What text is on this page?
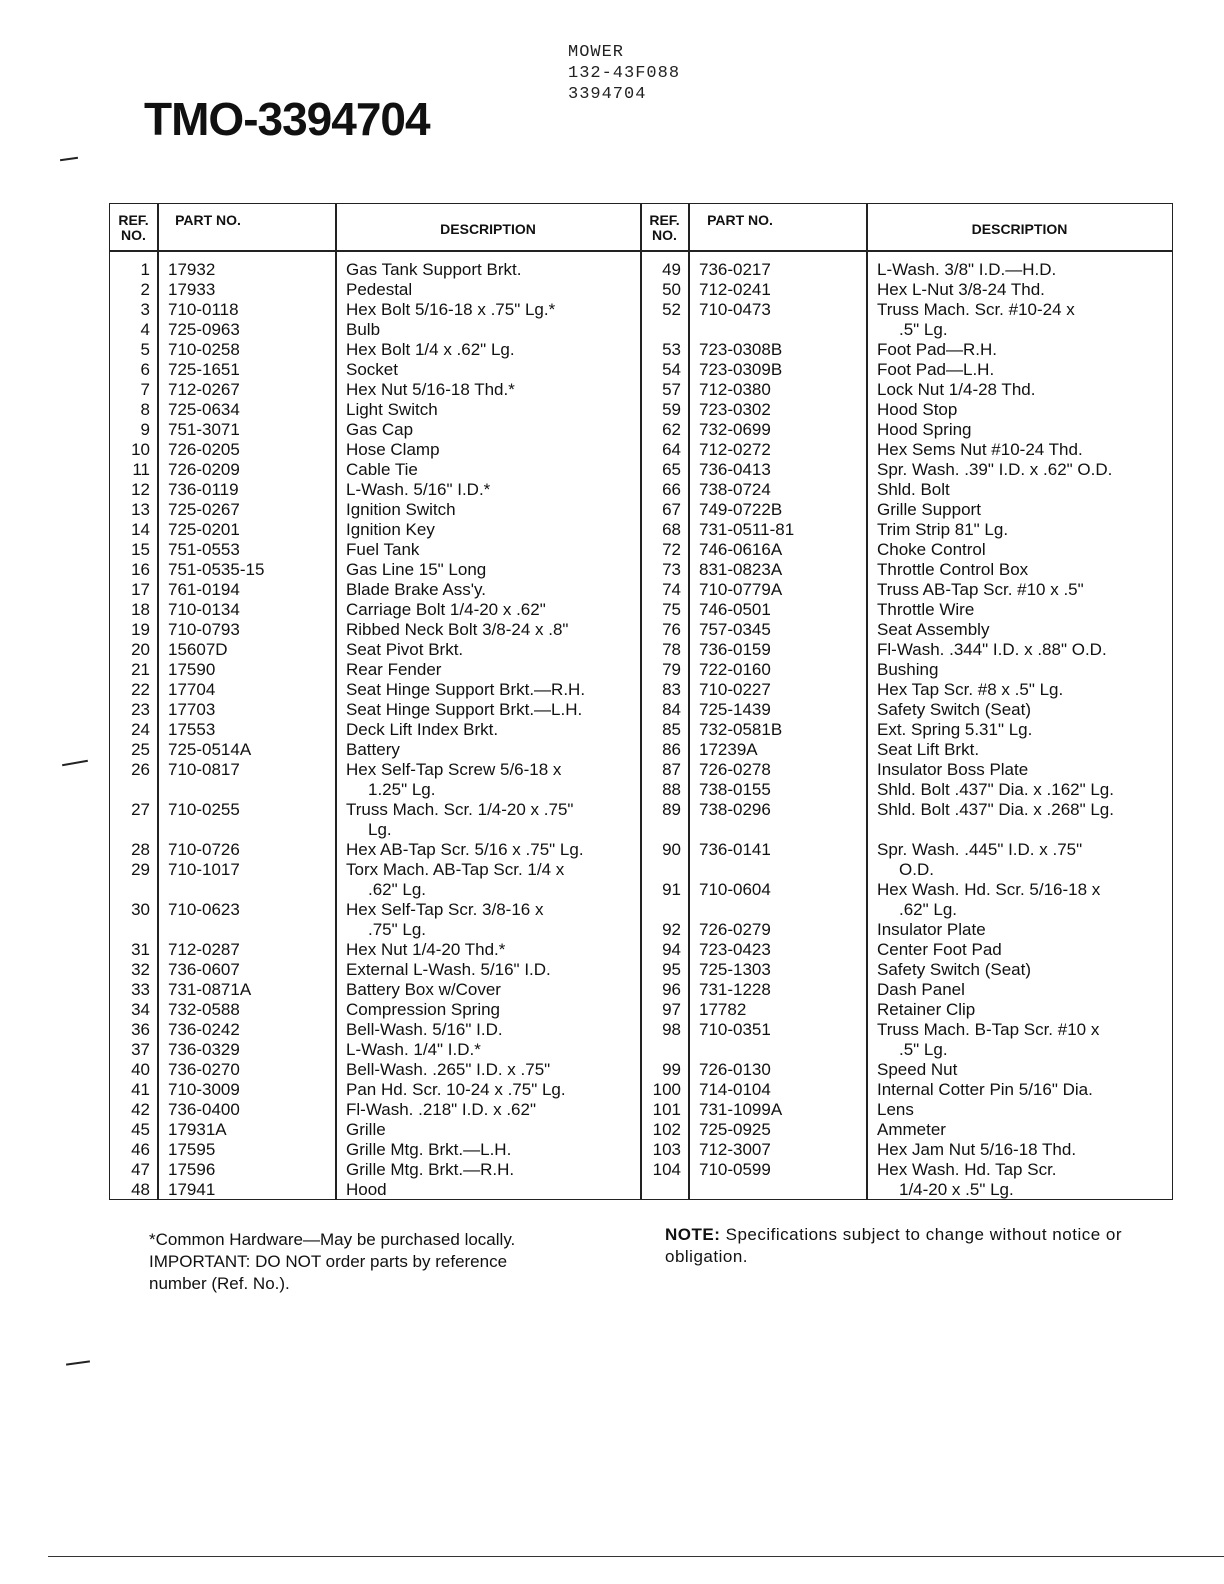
MOWER
132-43F088
3394704
TMO-3394704
REF. NO.
PART NO.
DESCRIPTION
REF. NO.
PART NO.
DESCRIPTION
1 17932	Gas Tank Support Brkt.
2 17933	Pedestal
3 710-0118	Hex Bolt 5/16-18 x .75" Lg.*
4 725-0963	Bulb
5 710-0258	Hex Bolt 1/4 x .62" Lg.
6 725-1651	Socket
7 712-0267	Hex Nut 5/16-18 Thd.*
8 725-0634	Light Switch
9 751-3071	Gas Cap
10 726-0205	Hose Clamp
11 726-0209	Cable Tie
12 736-0119	L-Wash. 5/16" I.D.*
13 725-0267	Ignition Switch
14 725-0201	Ignition Key
15 751-0553	Fuel Tank
16 751-0535-15	Gas Line 15" Long
17 761-0194	Blade Brake Ass'y.
18 710-0134	Carriage Bolt 1/4-20 x .62"
19 710-0793	Ribbed Neck Bolt 3/8-24 x .8"
20 15607D	Seat Pivot Brkt.
21 17590	Rear Fender
22 17704	Seat Hinge Support Brkt.—R.H.
23 17703	Seat Hinge Support Brkt.—L.H.
24 17553	Deck Lift Index Brkt.
25 725-0514A	Battery
26 710-0817	Hex Self-Tap Screw 5/6-18 x
1.25" Lg.
27 710-0255	Truss Mach. Scr. 1/4-20 x .75"
Lg.
28 710-0726	Hex AB-Tap Scr. 5/16 x .75" Lg.
29 710-1017	Torx Mach. AB-Tap Scr. 1/4 x
.62" Lg.
30 710-0623	Hex Self-Tap Scr. 3/8-16 x
.75" Lg.
31 712-0287	Hex Nut 1/4-20 Thd.*
32 736-0607	External L-Wash. 5/16" I.D.
33 731-0871A	Battery Box w/Cover
34 732-0588	Compression Spring
36 736-0242	Bell-Wash. 5/16" I.D.
37 736-0329	L-Wash. 1/4" I.D.*
40 736-0270	Bell-Wash. .265" I.D. x .75"
41 710-3009	Pan Hd. Scr. 10-24 x .75" Lg.
42 736-0400	Fl-Wash. .218" I.D. x .62"
45 17931A	Grille
46 17595	Grille Mtg. Brkt.—L.H.
47 17596	Grille Mtg. Brkt.—R.H.
48 17941	Hood
49 736-0217	L-Wash. 3/8" I.D.—H.D.
50 712-0241	Hex L-Nut 3/8-24 Thd.
52 710-0473	Truss Mach. Scr. #10-24 x
.5" Lg.
53 723-0308B	Foot Pad—R.H.
54 723-0309B	Foot Pad—L.H.
57 712-0380	Lock Nut 1/4-28 Thd.
59 723-0302	Hood Stop
62 732-0699	Hood Spring
64 712-0272	Hex Sems Nut #10-24 Thd.
65 736-0413	Spr. Wash. .39" I.D. x .62" O.D.
66 738-0724	Shld. Bolt
67 749-0722B	Grille Support
68 731-0511-81	Trim Strip 81" Lg.
72 746-0616A	Choke Control
73 831-0823A	Throttle Control Box
74 710-0779A	Truss AB-Tap Scr. #10 x .5"
75 746-0501	Throttle Wire
76 757-0345	Seat Assembly
78 736-0159	Fl-Wash. .344" I.D. x .88" O.D.
79 722-0160	Bushing
83 710-0227	Hex Tap Scr. #8 x .5" Lg.
84 725-1439	Safety Switch (Seat)
85 732-0581B	Ext. Spring 5.31" Lg.
86 17239A	Seat Lift Brkt.
87 726-0278	Insulator Boss Plate
88 738-0155	Shld. Bolt .437" Dia. x .162" Lg.
89 738-0296	Shld. Bolt .437" Dia. x .268" Lg.
90 736-0141	Spr. Wash. .445" I.D. x .75"
O.D.
91 710-0604	Hex Wash. Hd. Scr. 5/16-18 x
.62" Lg.
92 726-0279	Insulator Plate
94 723-0423	Center Foot Pad
95 725-1303	Safety Switch (Seat)
96 731-1228	Dash Panel
97 17782	Retainer Clip
98 710-0351	Truss Mach. B-Tap Scr. #10 x
.5" Lg.
99 726-0130	Speed Nut
100 714-0104	Internal Cotter Pin 5/16" Dia.
101 731-1099A	Lens
102 725-0925	Ammeter
103 712-3007	Hex Jam Nut 5/16-18 Thd.
104 710-0599	Hex Wash. Hd. Tap Scr.
1/4-20 x .5" Lg.
*Common Hardware—May be purchased locally.
IMPORTANT: DO NOT order parts by reference
number (Ref. No.).
NOTE: Specifications subject to change without notice or obligation.
